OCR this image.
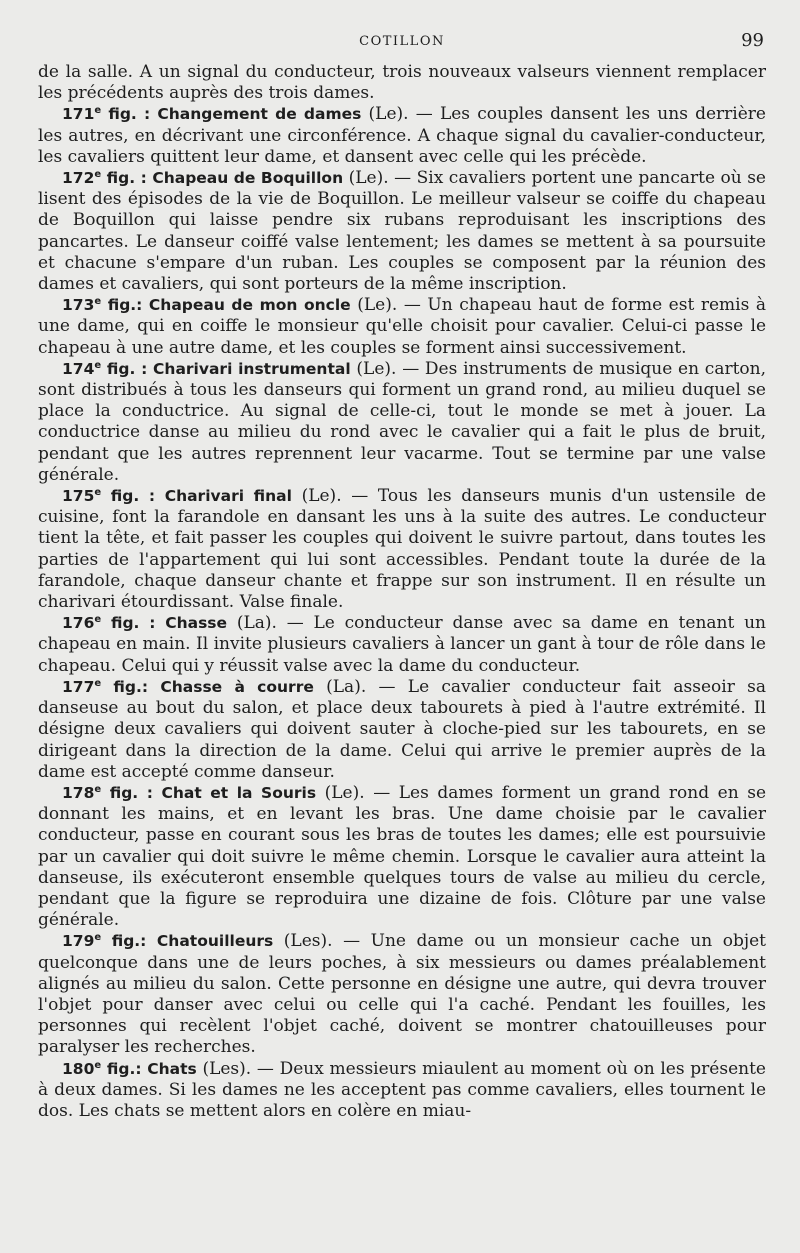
COTILLON	99

de la salle. A un signal du conducteur, trois nouveaux valseurs viennent remplacer les précédents auprès des trois dames.

171e fig. : Changement de dames (Le). — Les couples dansent les uns derrière les autres, en décrivant une circonférence. A chaque signal du cavalier-conducteur, les cavaliers quittent leur dame, et dansent avec celle qui les précède.

172e fig. : Chapeau de Boquillon (Le). — Six cavaliers portent une pancarte où se lisent des épisodes de la vie de Boquillon. Le meilleur valseur se coiffe du chapeau de Boquillon qui laisse pendre six rubans reproduisant les inscriptions des pancartes. Le danseur coiffé valse lentement; les dames se mettent à sa poursuite et chacune s'empare d'un ruban. Les couples se composent par la réunion des dames et cavaliers, qui sont porteurs de la même inscription.

173e fig.: Chapeau de mon oncle (Le). — Un chapeau haut de forme est remis à une dame, qui en coiffe le monsieur qu'elle choisit pour cavalier. Celui-ci passe le chapeau à une autre dame, et les couples se forment ainsi successivement.

174e fig. : Charivari instrumental (Le). — Des instruments de musique en carton, sont distribués à tous les danseurs qui forment un grand rond, au milieu duquel se place la conductrice. Au signal de celle-ci, tout le monde se met à jouer. La conductrice danse au milieu du rond avec le cavalier qui a fait le plus de bruit, pendant que les autres reprennent leur vacarme. Tout se termine par une valse générale.

175e fig. : Charivari final (Le). — Tous les danseurs munis d'un ustensile de cuisine, font la farandole en dansant les uns à la suite des autres. Le conducteur tient la tête, et fait passer les couples qui doivent le suivre partout, dans toutes les parties de l'appartement qui lui sont accessibles. Pendant toute la durée de la farandole, chaque danseur chante et frappe sur son instrument. Il en résulte un charivari étourdissant. Valse finale.

176e fig. : Chasse (La). — Le conducteur danse avec sa dame en tenant un chapeau en main. Il invite plusieurs cavaliers à lancer un gant à tour de rôle dans le chapeau. Celui qui y réussit valse avec la dame du conducteur.

177e fig.: Chasse à courre (La). — Le cavalier conducteur fait asseoir sa danseuse au bout du salon, et place deux tabourets à pied à l'autre extrémité. Il désigne deux cavaliers qui doivent sauter à cloche-pied sur les tabourets, en se dirigeant dans la direction de la dame. Celui qui arrive le premier auprès de la dame est accepté comme danseur.

178e fig. : Chat et la Souris (Le). — Les dames forment un grand rond en se donnant les mains, et en levant les bras. Une dame choisie par le cavalier conducteur, passe en courant sous les bras de toutes les dames; elle est poursuivie par un cavalier qui doit suivre le même chemin. Lorsque le cavalier aura atteint la danseuse, ils exécuteront ensemble quelques tours de valse au milieu du cercle, pendant que la figure se reproduira une dizaine de fois. Clôture par une valse générale.

179e fig.: Chatouilleurs (Les). — Une dame ou un monsieur cache un objet quelconque dans une de leurs poches, à six messieurs ou dames préalablement alignés au milieu du salon. Cette personne en désigne une autre, qui devra trouver l'objet pour danser avec celui ou celle qui l'a caché. Pendant les fouilles, les personnes qui recèlent l'objet caché, doivent se montrer chatouilleuses pour paralyser les recherches.

180e fig.: Chats (Les). — Deux messieurs miaulent au moment où on les présente à deux dames. Si les dames ne les acceptent pas comme cavaliers, elles tournent le dos. Les chats se mettent alors en colère en miau-
